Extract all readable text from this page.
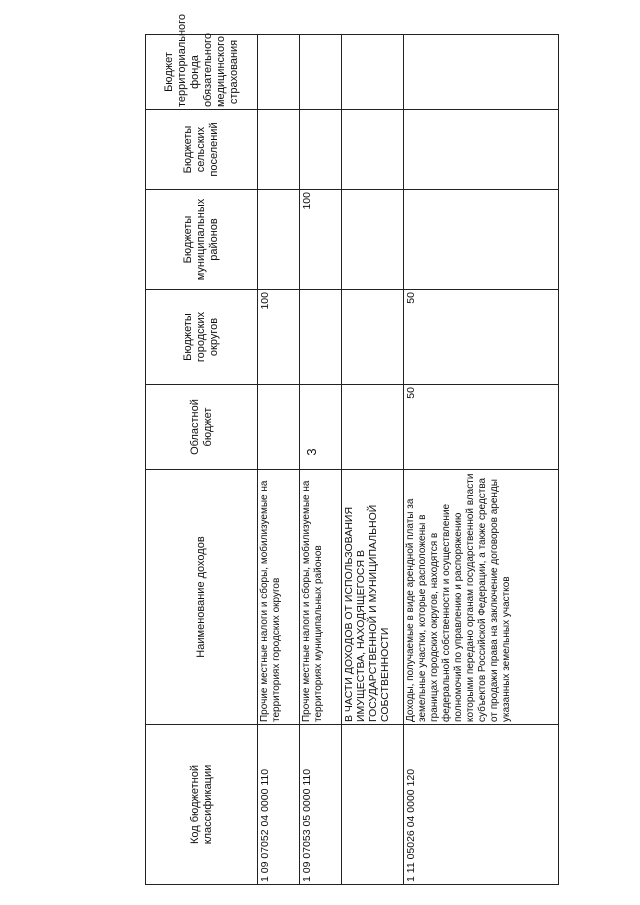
3
Код бюджетной классификации	Наименование доходов	Областной бюджет	Бюджеты городских округов	Бюджеты муниципальных районов	Бюджеты сельских поселений	Бюджет территориального фонда обязательного медицинского страхования
1 09 07052 04 0000 110	Прочие местные налоги и сборы, мобилизуемые на территориях городских округов		100			
1 09 07053 05 0000 110	Прочие местные налоги и сборы, мобилизуемые на территориях муниципальных районов			100		
	В ЧАСТИ ДОХОДОВ ОТ ИСПОЛЬЗОВАНИЯ ИМУЩЕСТВА, НАХОДЯЩЕГОСЯ В ГОСУДАРСТВЕННОЙ И МУНИЦИПАЛЬНОЙ СОБСТВЕННОСТИ					
1 11 05026 04 0000 120	Доходы, получаемые в виде арендной платы за земельные участки, которые расположены в границах городских округов, находятся в федеральной собственности и осуществление полномочий по управлению и распоряжению которыми передано органам государственной власти субъектов Российской Федерации, а также средства от продажи права на заключение договоров аренды указанных земельных участков	50	50			
